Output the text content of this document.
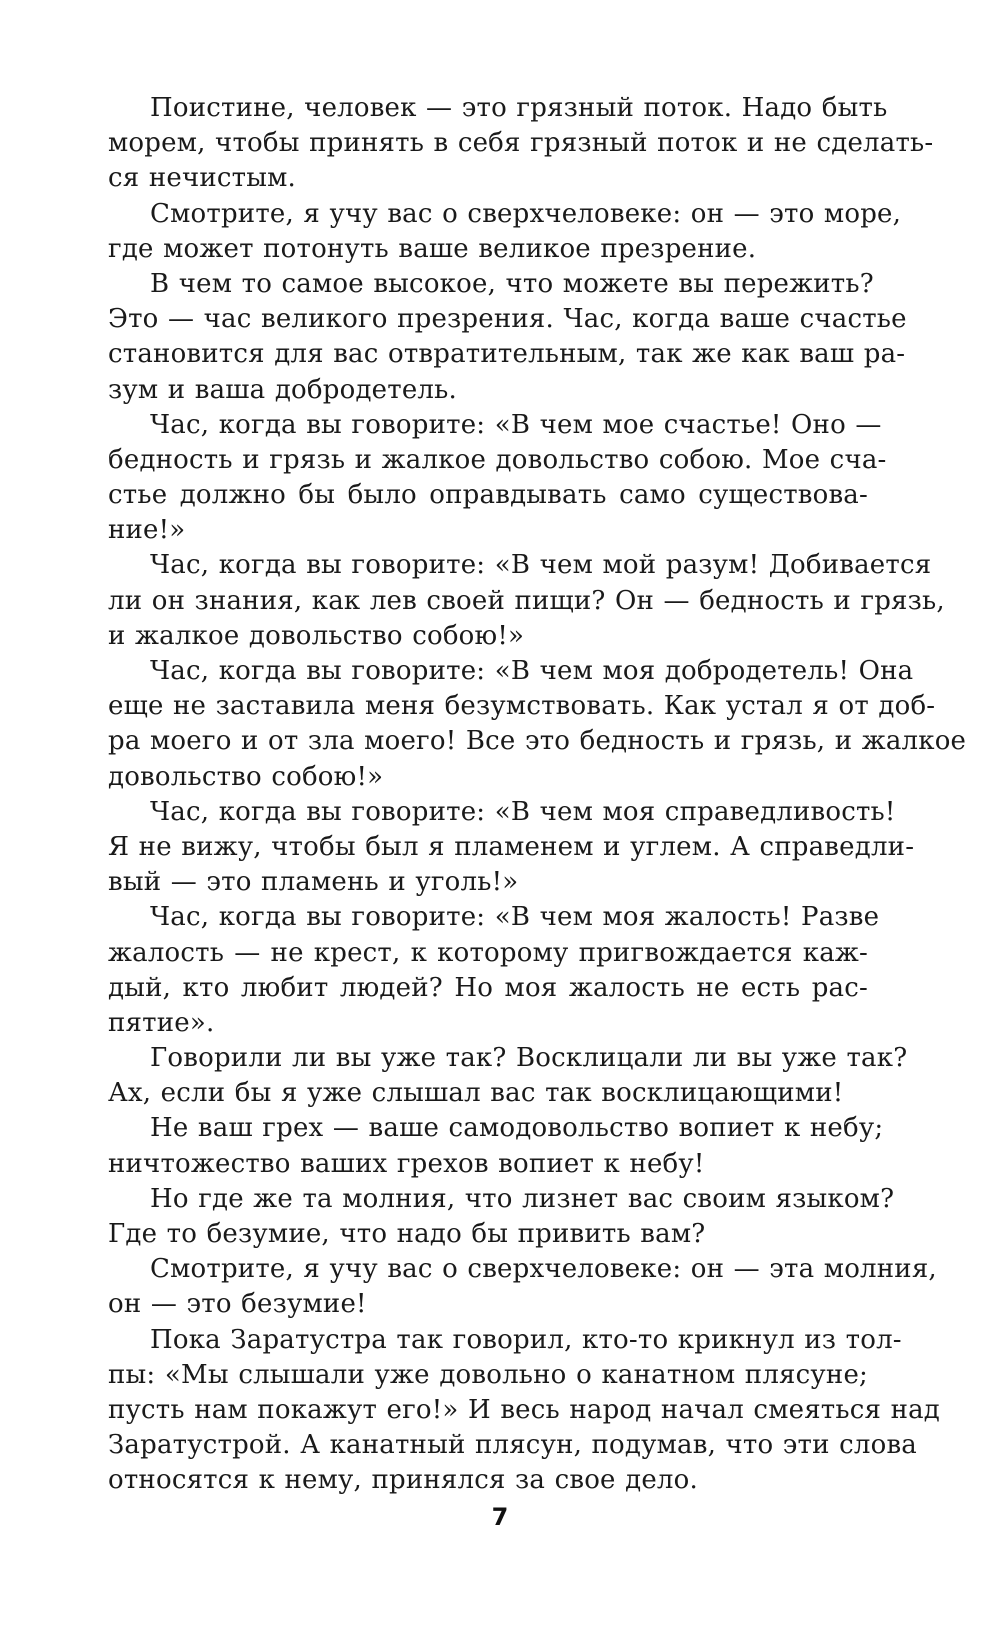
Поистине, человек — это грязный поток. Надо быть
морем, чтобы принять в себя грязный поток и не сделать-
ся нечистым.
Смотрите, я учу вас о сверхчеловеке: он — это море,
где может потонуть ваше великое презрение.
В чем то самое высокое, что можете вы пережить?
Это — час великого презрения. Час, когда ваше счастье
становится для вас отвратительным, так же как ваш ра-
зум и ваша добродетель.
Час, когда вы говорите: «В чем мое счастье! Оно —
бедность и грязь и жалкое довольство собою. Мое сча-
стье должно бы было оправдывать само существова-
ние!»
Час, когда вы говорите: «В чем мой разум! Добивается
ли он знания, как лев своей пищи? Он — бедность и грязь,
и жалкое довольство собою!»
Час, когда вы говорите: «В чем моя добродетель! Она
еще не заставила меня безумствовать. Как устал я от доб-
ра моего и от зла моего! Все это бедность и грязь, и жалкое
довольство собою!»
Час, когда вы говорите: «В чем моя справедливость!
Я не вижу, чтобы был я пламенем и углем. А справедли-
вый — это пламень и уголь!»
Час, когда вы говорите: «В чем моя жалость! Разве
жалость — не крест, к которому пригвождается каж-
дый, кто любит людей? Но моя жалость не есть рас-
пятие».
Говорили ли вы уже так? Восклицали ли вы уже так?
Ах, если бы я уже слышал вас так восклицающими!
Не ваш грех — ваше самодовольство вопиет к небу;
ничтожество ваших грехов вопиет к небу!
Но где же та молния, что лизнет вас своим языком?
Где то безумие, что надо бы привить вам?
Смотрите, я учу вас о сверхчеловеке: он — эта молния,
он — это безумие!
Пока Заратустра так говорил, кто-то крикнул из тол-
пы: «Мы слышали уже довольно о канатном плясуне;
пусть нам покажут его!» И весь народ начал смеяться над
Заратустрой. А канатный плясун, подумав, что эти слова
относятся к нему, принялся за свое дело.
7
